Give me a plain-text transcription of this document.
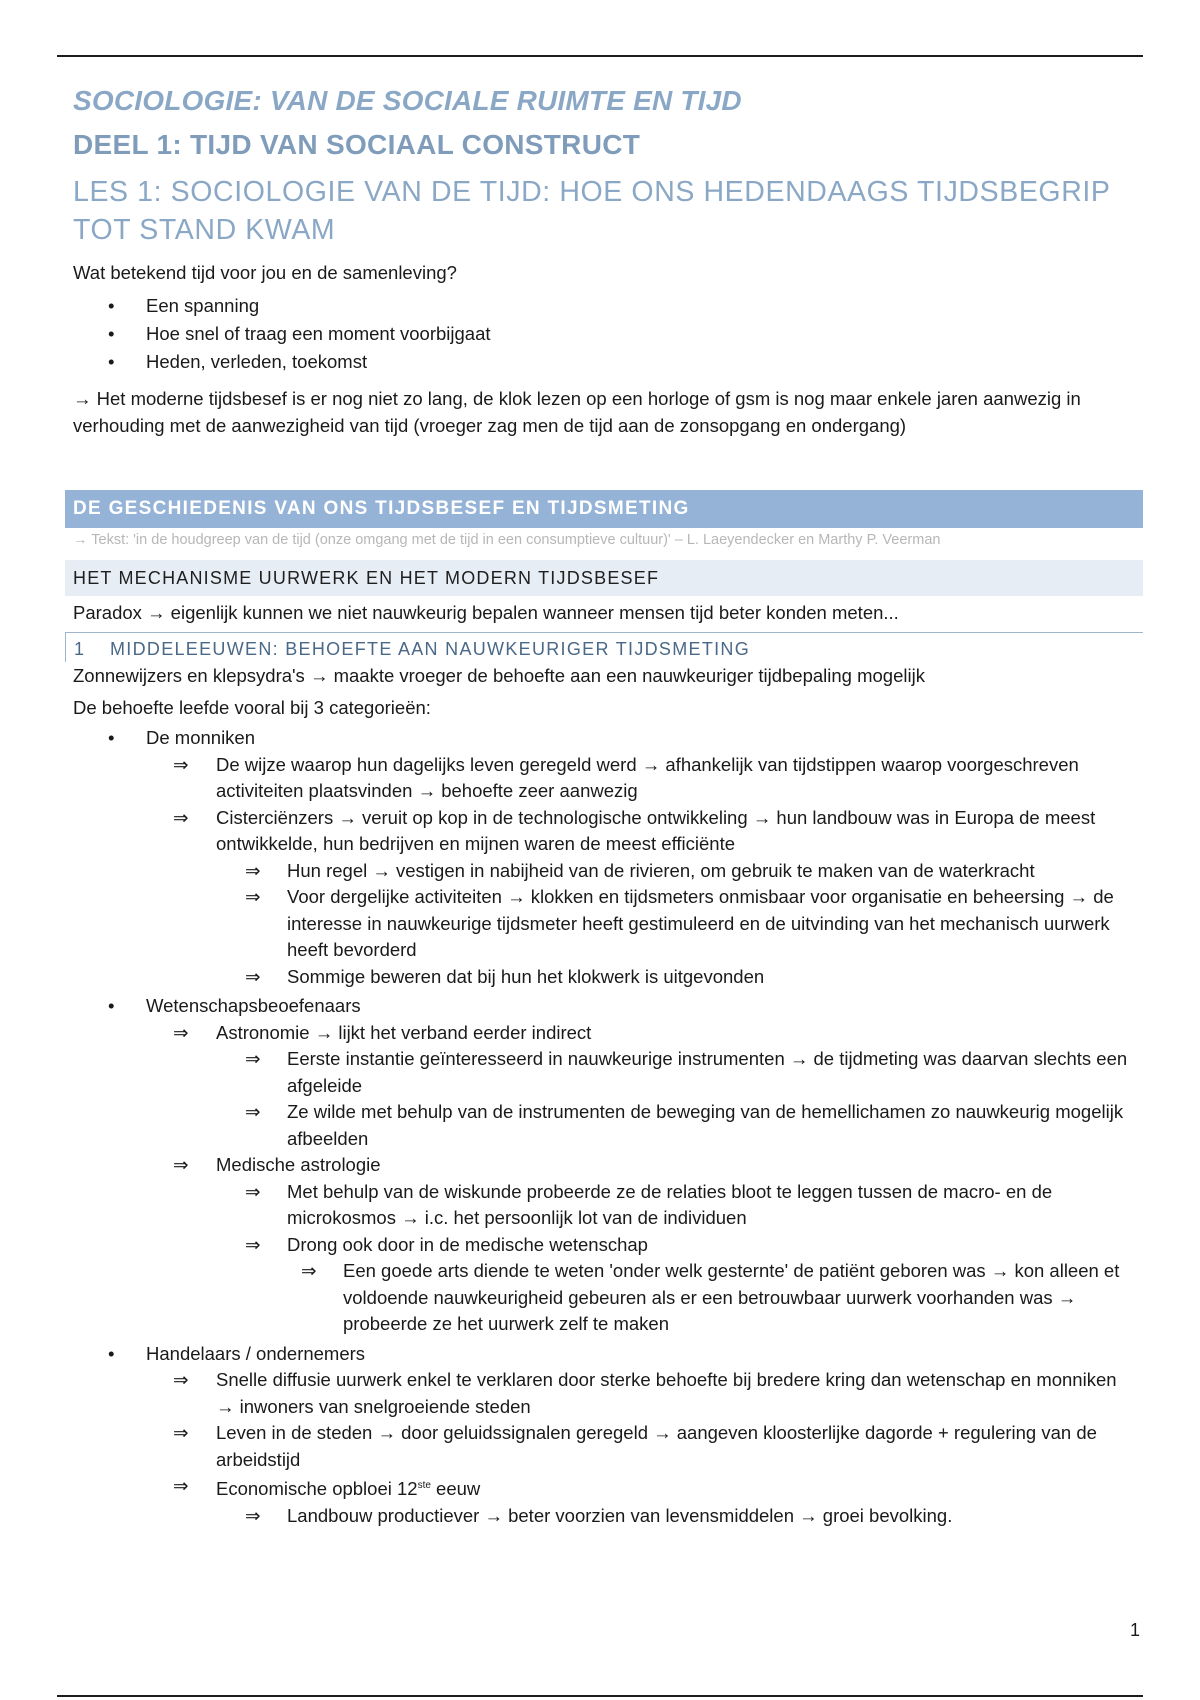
SOCIOLOGIE: VAN DE SOCIALE RUIMTE EN TIJD
DEEL 1: TIJD VAN SOCIAAL CONSTRUCT
LES 1: SOCIOLOGIE VAN DE TIJD: HOE ONS HEDENDAAGS TIJDSBEGRIP TOT STAND KWAM

Wat betekend tijd voor jou en de samenleving?

• Een spanning
• Hoe snel of traag een moment voorbijgaat
• Heden, verleden, toekomst

→ Het moderne tijdsbesef is er nog niet zo lang, de klok lezen op een horloge of gsm is nog maar enkele jaren aanwezig in verhouding met de aanwezigheid van tijd (vroeger zag men de tijd aan de zonsopgang en ondergang)

DE GESCHIEDENIS VAN ONS TIJDSBESEF EN TIJDSMETING
→ Tekst: 'in de houdgreep van de tijd (onze omgang met de tijd in een consumptieve cultuur)' – L. Laeyendecker en Marthy P. Veerman
HET MECHANISME UURWERK EN HET MODERN TIJDSBESEF

Paradox → eigenlijk kunnen we niet nauwkeurig bepalen wanneer mensen tijd beter konden meten...

1 MIDDELEEUWEN: BEHOEFTE AAN NAUWKEURIGER TIJDSMETING

Zonnewijzers en klepsydra's → maakte vroeger de behoefte aan een nauwkeuriger tijdbepaling mogelijk

De behoefte leefde vooral bij 3 categorieën:

• De monniken
⇒ De wijze waarop hun dagelijks leven geregeld werd → afhankelijk van tijdstippen waarop voorgeschreven activiteiten plaatsvinden → behoefte zeer aanwezig
⇒ Cisterciënzers → veruit op kop in de technologische ontwikkeling → hun landbouw was in Europa de meest ontwikkelde, hun bedrijven en mijnen waren de meest efficiënte
⇒ Hun regel → vestigen in nabijheid van de rivieren, om gebruik te maken van de waterkracht
⇒ Voor dergelijke activiteiten → klokken en tijdsmeters onmisbaar voor organisatie en beheersing → de interesse in nauwkeurige tijdsmeter heeft gestimuleerd en de uitvinding van het mechanisch uurwerk heeft bevorderd
⇒ Sommige beweren dat bij hun het klokwerk is uitgevonden
• Wetenschapsbeoefenaars
⇒ Astronomie → lijkt het verband eerder indirect
⇒ Eerste instantie geïnteresseerd in nauwkeurige instrumenten → de tijdmeting was daarvan slechts een afgeleide
⇒ Ze wilde met behulp van de instrumenten de beweging van de hemellichamen zo nauwkeurig mogelijk afbeelden
⇒ Medische astrologie
⇒ Met behulp van de wiskunde probeerde ze de relaties bloot te leggen tussen de macro- en de microkosmos → i.c. het persoonlijk lot van de individuen
⇒ Drong ook door in de medische wetenschap
⇒ Een goede arts diende te weten 'onder welk gesternte' de patiënt geboren was → kon alleen et voldoende nauwkeurigheid gebeuren als er een betrouwbaar uurwerk voorhanden was → probeerde ze het uurwerk zelf te maken
• Handelaars / ondernemers
⇒ Snelle diffusie uurwerk enkel te verklaren door sterke behoefte bij bredere kring dan wetenschap en monniken → inwoners van snelgroeiende steden
⇒ Leven in de steden → door geluidssignalen geregeld → aangeven kloosterlijke dagorde + regulering van de arbeidstijd
⇒ Economische opbloei 12ste eeuw
⇒ Landbouw productiever → beter voorzien van levensmiddelen → groei bevolking.
1
